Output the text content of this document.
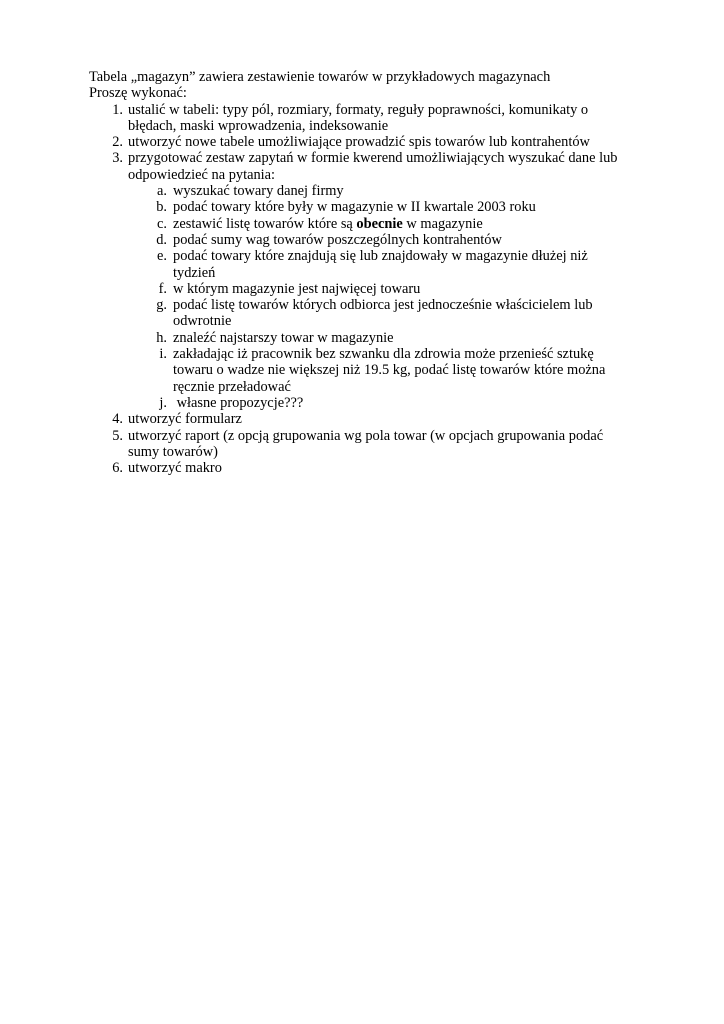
Tabela „magazyn” zawiera zestawienie towarów w przykładowych magazynach
Proszę wykonać:
1. ustalić w tabeli: typy pól, rozmiary, formaty, reguły poprawności, komunikaty o
błędach, maski wprowadzenia, indeksowanie
2. utworzyć nowe tabele umożliwiające prowadzić spis towarów lub kontrahentów
3. przygotować zestaw zapytań w formie kwerend umożliwiających wyszukać dane lub
odpowiedzieć na pytania:
a. wyszukać towary danej firmy
b. podać towary które były w magazynie w II kwartale 2003 roku
c. zestawić listę towarów które są obecnie w magazynie
d. podać sumy wag towarów poszczególnych kontrahentów
e. podać towary które znajdują się lub znajdowały w magazynie dłużej niż
tydzień
f. w którym magazynie jest najwięcej towaru
g. podać listę towarów których odbiorca jest jednocześnie właścicielem lub
odwrotnie
h. znaleźć najstarszy towar w magazynie
i. zakładając iż pracownik bez szwanku dla zdrowia może przenieść sztukę
towaru o wadze nie większej niż 19.5 kg, podać listę towarów które można
ręcznie przeładować
j. własne propozycje???
4. utworzyć formularz
5. utworzyć raport (z opcją grupowania wg pola towar (w opcjach grupowania podać
sumy towarów)
6. utworzyć makro
